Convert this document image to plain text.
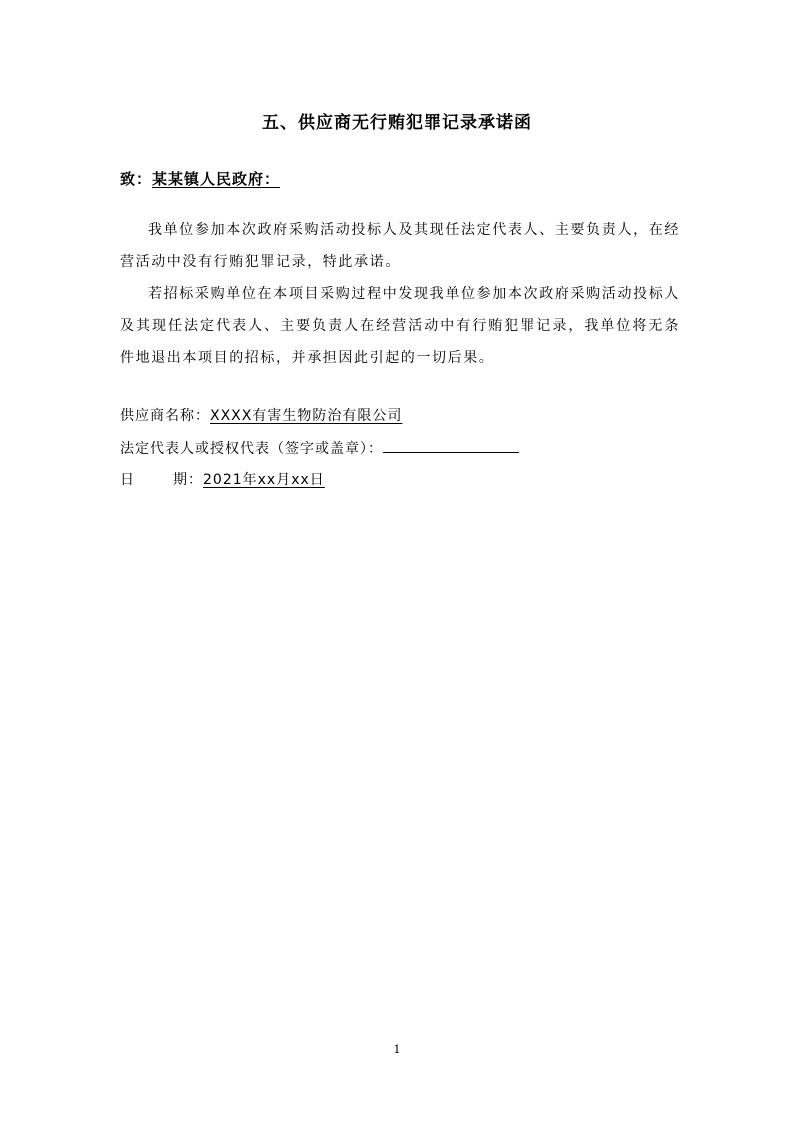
五、供应商无行贿犯罪记录承诺函
致：某某镇人民政府：

我单位参加本次政府采购活动投标人及其现任法定代表人、主要负责人，在经营活动中没有行贿犯罪记录，特此承诺。

若招标采购单位在本项目采购过程中发现我单位参加本次政府采购活动投标人及其现任法定代表人、主要负责人在经营活动中有行贿犯罪记录，我单位将无条件地退出本项目的招标，并承担因此引起的一切后果。

供应商名称：XXXX有害生物防治有限公司
法定代表人或授权代表（签字或盖章）：
日	期：2021年xx月xx日
1
